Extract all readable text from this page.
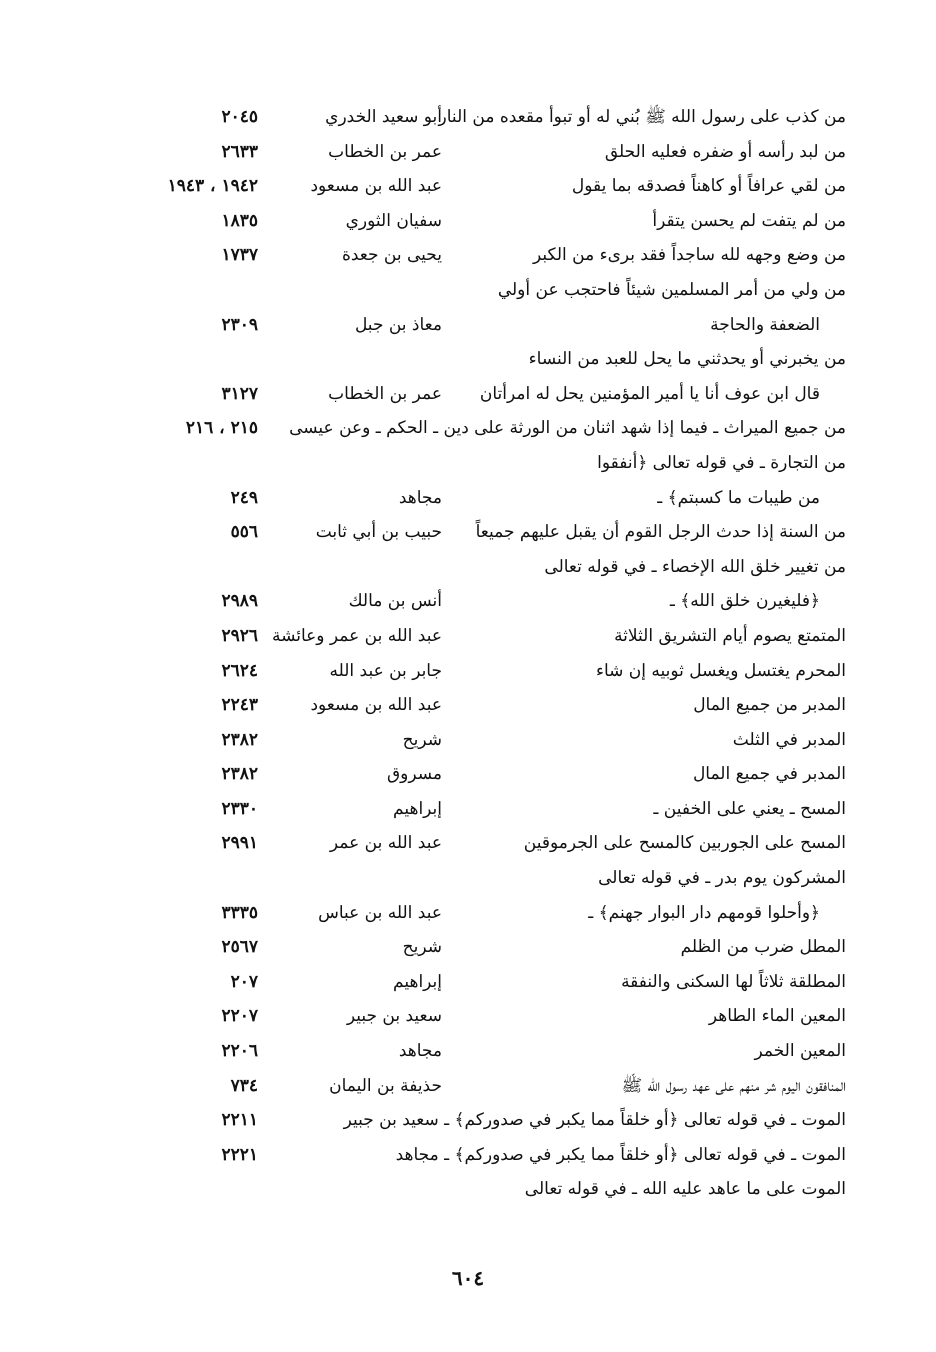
من كذب على رسول الله ﷺ بُني له أو تبوأ مقعده من النار
أبو سعيد الخدري
٢٠٤٥
من لبد رأسه أو ضفره فعليه الحلق
عمر بن الخطاب
٢٦٣٣
من لقي عرافاً أو كاهناً فصدقه بما يقول
عبد الله بن مسعود
١٩٤٢ ، ١٩٤٣
من لم يتفت لم يحسن يتقرأ
سفيان الثوري
١٨٣٥
من وضع وجهه لله ساجداً فقد برىء من الكبر
يحيى بن جعدة
١٧٣٧
من ولي من أمر المسلمين شيئاً فاحتجب عن أولي
الضعفة والحاجة
معاذ بن جبل
٢٣٠٩
من يخبرني أو يحدثني ما يحل للعبد من النساء
قال ابن عوف أنا يا أمير المؤمنين يحل له امرأتان
عمر بن الخطاب
٣١٢٧
من جميع الميراث ـ فيما إذا شهد اثنان من الورثة على دين ـ الحكم ـ وعن عيسى
٢١٥ ، ٢١٦
من التجارة ـ في قوله تعالى ﴿أنفقوا
من طيبات ما كسبتم﴾ ـ
مجاهد
٢٤٩
من السنة إذا حدث الرجل القوم أن يقبل عليهم جميعاً
حبيب بن أبي ثابت
٥٥٦
من تغيير خلق الله الإخصاء ـ في قوله تعالى
﴿فليغيرن خلق الله﴾ ـ
أنس بن مالك
٢٩٨٩
المتمتع يصوم أيام التشريق الثلاثة
عبد الله بن عمر وعائشة
٢٩٢٦
المحرم يغتسل ويغسل ثوبيه إن شاء
جابر بن عبد الله
٢٦٢٤
المدبر من جميع المال
عبد الله بن مسعود
٢٢٤٣
المدبر في الثلث
شريح
٢٣٨٢
المدبر في جميع المال
مسروق
٢٣٨٢
المسح ـ يعني على الخفين ـ
إبراهيم
٢٣٣٠
المسح على الجوربين كالمسح على الجرموقين
عبد الله بن عمر
٢٩٩١
المشركون يوم بدر ـ في قوله تعالى
﴿وأحلوا قومهم دار البوار جهنم﴾ ـ
عبد الله بن عباس
٣٣٣٥
المطل ضرب من الظلم
شريح
٢٥٦٧
المطلقة ثلاثاً لها السكنى والنفقة
إبراهيم
٢٠٧
المعين الماء الطاهر
سعيد بن جبير
٢٢٠٧
المعين الخمر
مجاهد
٢٢٠٦
المنافقون اليوم شر منهم على عهد رسول الله ﷺ
حذيفة بن اليمان
٧٣٤
الموت ـ في قوله تعالى ﴿أو خلقاً مما يكبر في صدوركم﴾ ـ سعيد بن جبير
٢٢١١
الموت ـ في قوله تعالى ﴿أو خلقاً مما يكبر في صدوركم﴾ ـ مجاهد
٢٢٢١
الموت على ما عاهد عليه الله ـ في قوله تعالى
٦٠٤
